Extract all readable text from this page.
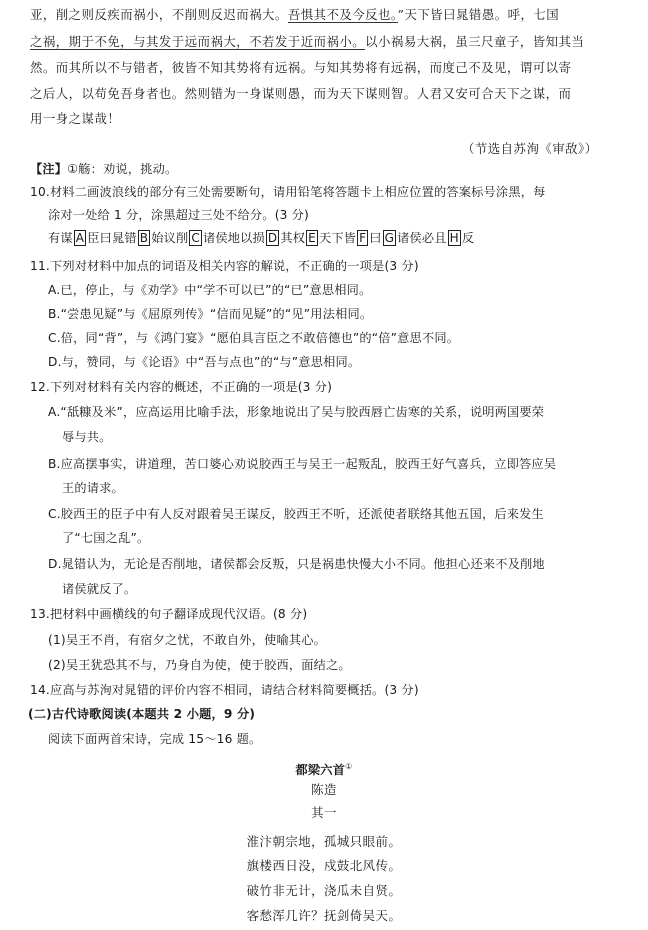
亚，削之则反疾而祸小，不削则反迟而祸大。吾惧其不及今反也。”天下皆曰晁错愚。呼，七国
之祸，期于不免，与其发于远而祸大，不若发于近而祸小。以小祸易大祸，虽三尺童子，皆知其当
然。而其所以不与错者，彼皆不知其势将有远祸。与知其势将有远祸，而度己不及见，谓可以寄
之后人，以苟免吾身者也。然则错为一身谋则愚，而为天下谋则智。人君又安可合天下之谋，而
用一身之谋哉！
（节选自苏洵《审敌》）
【注】①觞：劝说，挑动。
10.材料二画波浪线的部分有三处需要断句，请用铅笔将答题卡上相应位置的答案标号涂黑，每
涂对一处给 1 分，涂黑超过三处不给分。(3 分)
有谋 A 臣曰晁错 B 始议削 C 诸侯地以损 D 其权 E 天下皆 F 曰 G 诸侯必且 H 反
11.下列对材料中加点的词语及相关内容的解说，不正确的一项是(3 分)
A.已，停止，与《劝学》中“学不可以已”的“已”意思相同。
B.“尝患见疑”与《屈原列传》“信而见疑”的“见”用法相同。
C.倍，同“背”，与《鸿门宴》“愿伯具言臣之不敢倍德也”的“倍”意思不同。
D.与，赞同，与《论语》中“吾与点也”的“与”意思相同。
12.下列对材料有关内容的概述，不正确的一项是(3 分)
A.“舐糠及米”，应高运用比喻手法，形象地说出了吴与胶西唇亡齿寒的关系，说明两国要荣
辱与共。
B.应高摆事实，讲道理，苦口婆心劝说胶西王与吴王一起叛乱，胶西王好气喜兵，立即答应吴
王的请求。
C.胶西王的臣子中有人反对跟着吴王谋反，胶西王不听，还派使者联络其他五国，后来发生
了“七国之乱”。
D.晁错认为，无论是否削地，诸侯都会反叛，只是祸患快慢大小不同。他担心还来不及削地
诸侯就反了。
13.把材料中画横线的句子翻译成现代汉语。(8 分)
(1)吴王不肖，有宿夕之忧，不敢自外，使喻其心。
(2)吴王犹恐其不与，乃身自为使，使于胶西，面结之。
14.应高与苏洵对晁错的评价内容不相同，请结合材料简要概括。(3 分)
(二)古代诗歌阅读(本题共 2 小题，9 分)
阅读下面两首宋诗，完成 15～16 题。
都梁六首①
陈造
其一
淮汴朝宗地，孤城只眼前。
旗楼西日没，戍鼓北风传。
破竹非无计，浇瓜未自贤。
客愁浑几许？抚剑倚吴天。
